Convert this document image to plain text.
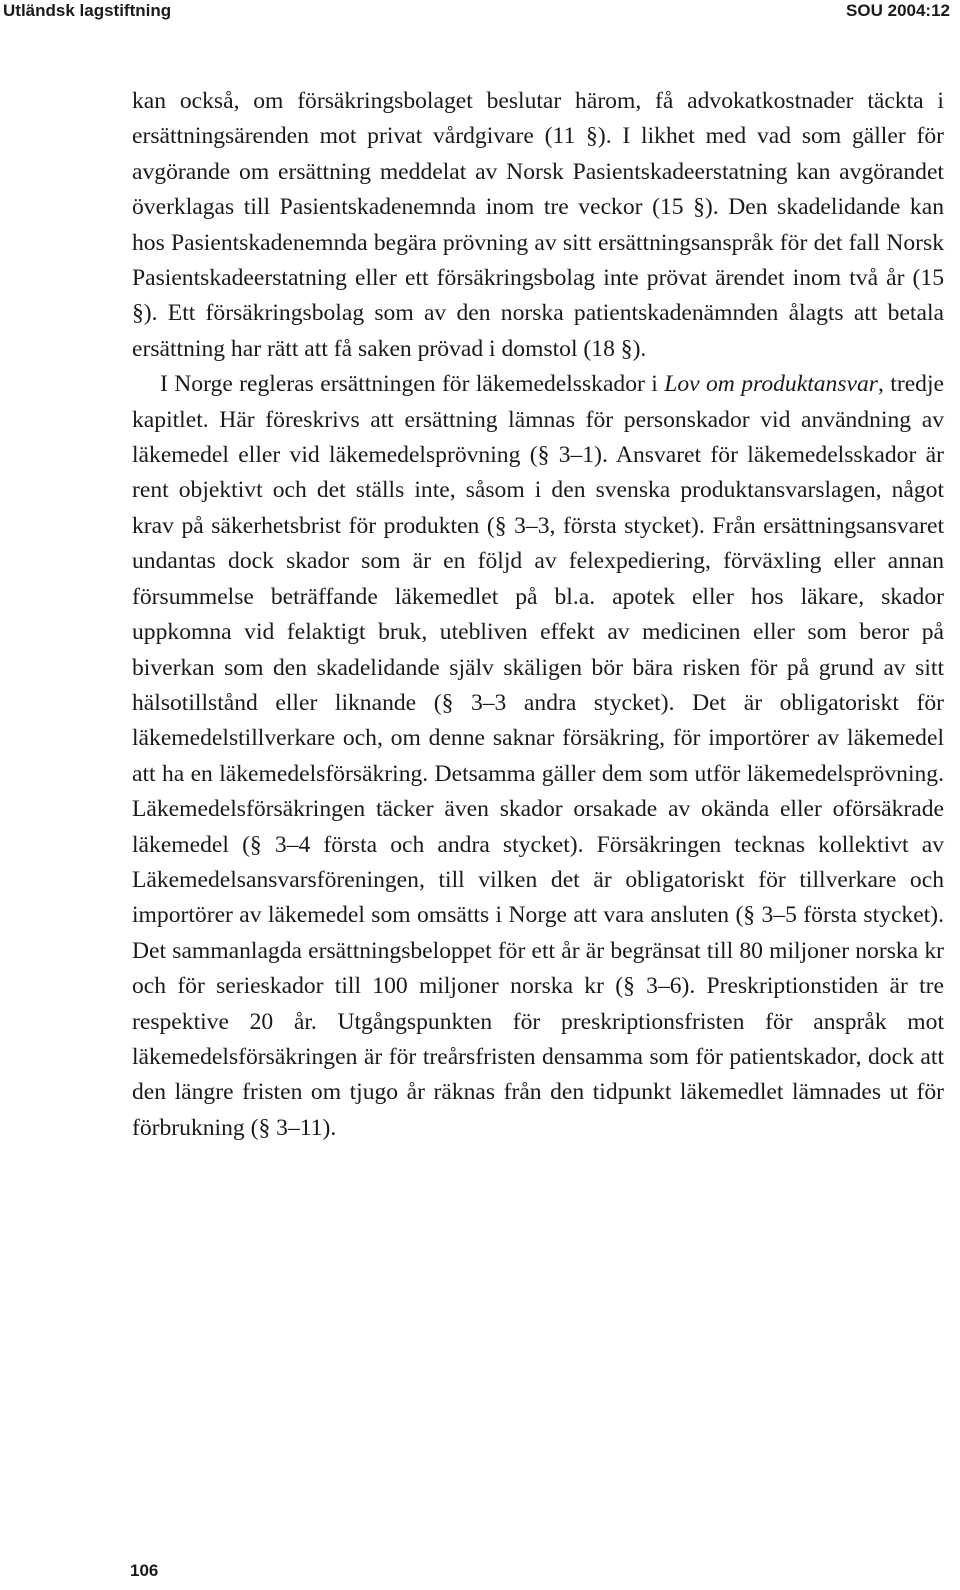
Utländsk lagstiftning	SOU 2004:12

kan också, om försäkringsbolaget beslutar härom, få advokatkostnader täckta i ersättningsärenden mot privat vårdgivare (11 §). I likhet med vad som gäller för avgörande om ersättning meddelat av Norsk Pasientskadeerstatning kan avgörandet överklagas till Pasientskadenemnda inom tre veckor (15 §). Den skadelidande kan hos Pasientskadenemnda begära prövning av sitt ersättningsanspråk för det fall Norsk Pasientskadeerstatning eller ett försäkringsbolag inte prövat ärendet inom två år (15 §). Ett försäkringsbolag som av den norska patientskadenämnden ålagts att betala ersättning har rätt att få saken prövad i domstol (18 §).

I Norge regleras ersättningen för läkemedelsskador i Lov om produktansvar, tredje kapitlet. Här föreskrivs att ersättning lämnas för personskador vid användning av läkemedel eller vid läkemedelsprövning (§ 3–1). Ansvaret för läkemedelsskador är rent objektivt och det ställs inte, såsom i den svenska produktansvarslagen, något krav på säkerhetsbrist för produkten (§ 3–3, första stycket). Från ersättningsansvaret undantas dock skador som är en följd av felexpediering, förväxling eller annan försummelse beträffande läkemedlet på bl.a. apotek eller hos läkare, skador uppkomna vid felaktigt bruk, utebliven effekt av medicinen eller som beror på biverkan som den skadelidande själv skäligen bör bära risken för på grund av sitt hälsotillstånd eller liknande (§ 3–3 andra stycket). Det är obligatoriskt för läkemedelstillverkare och, om denne saknar försäkring, för importörer av läkemedel att ha en läkemedelsförsäkring. Detsamma gäller dem som utför läkemedelsprövning. Läkemedelsförsäkringen täcker även skador orsakade av okända eller oförsäkrade läkemedel (§ 3–4 första och andra stycket). Försäkringen tecknas kollektivt av Läkemedelsansvarsföreningen, till vilken det är obligatoriskt för tillverkare och importörer av läkemedel som omsätts i Norge att vara ansluten (§ 3–5 första stycket). Det sammanlagda ersättningsbeloppet för ett år är begränsat till 80 miljoner norska kr och för serieskador till 100 miljoner norska kr (§ 3–6). Preskriptionstiden är tre respektive 20 år. Utgångspunkten för preskriptionsfristen för anspråk mot läkemedelsförsäkringen är för treårsfristen densamma som för patientskador, dock att den längre fristen om tjugo år räknas från den tidpunkt läkemedlet lämnades ut för förbrukning (§ 3–11).

106
